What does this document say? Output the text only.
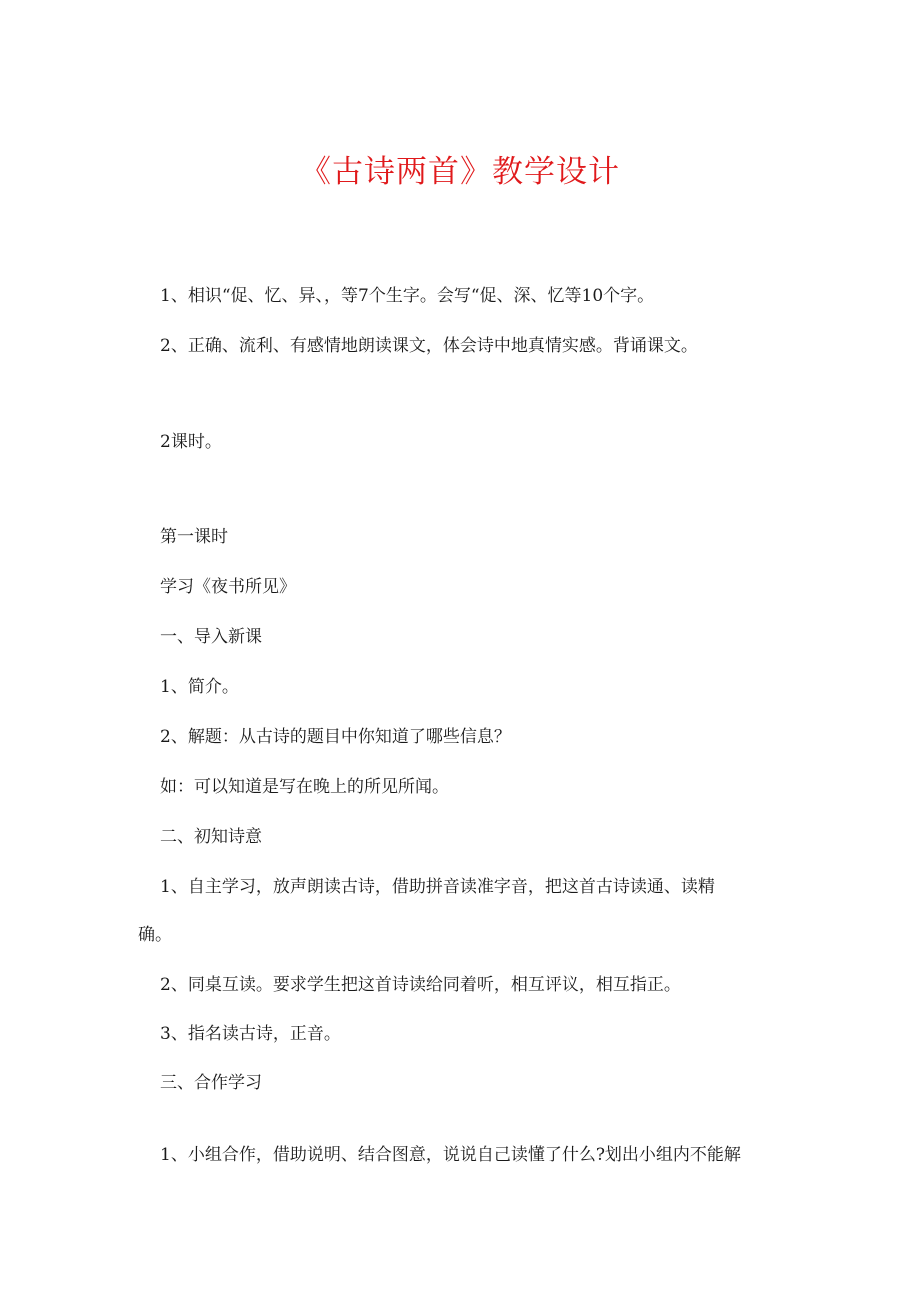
《古诗两首》教学设计
1、相识“促、忆、异、，等7个生字。会写“促、深、忆等10个字。
2、正确、流利、有感情地朗读课文，体会诗中地真情实感。背诵课文。
2课时。
第一课时
学习《夜书所见》
一、导入新课
1、简介。
2、解题：从古诗的题目中你知道了哪些信息？
如：可以知道是写在晚上的所见所闻。
二、初知诗意
1、自主学习，放声朗读古诗，借助拼音读准字音，把这首古诗读通、读精
确。
2、同桌互读。要求学生把这首诗读给同着听，相互评议，相互指正。
3、指名读古诗，正音。
三、合作学习
1、小组合作，借助说明、结合图意，说说自己读懂了什么?划出小组内不能解
